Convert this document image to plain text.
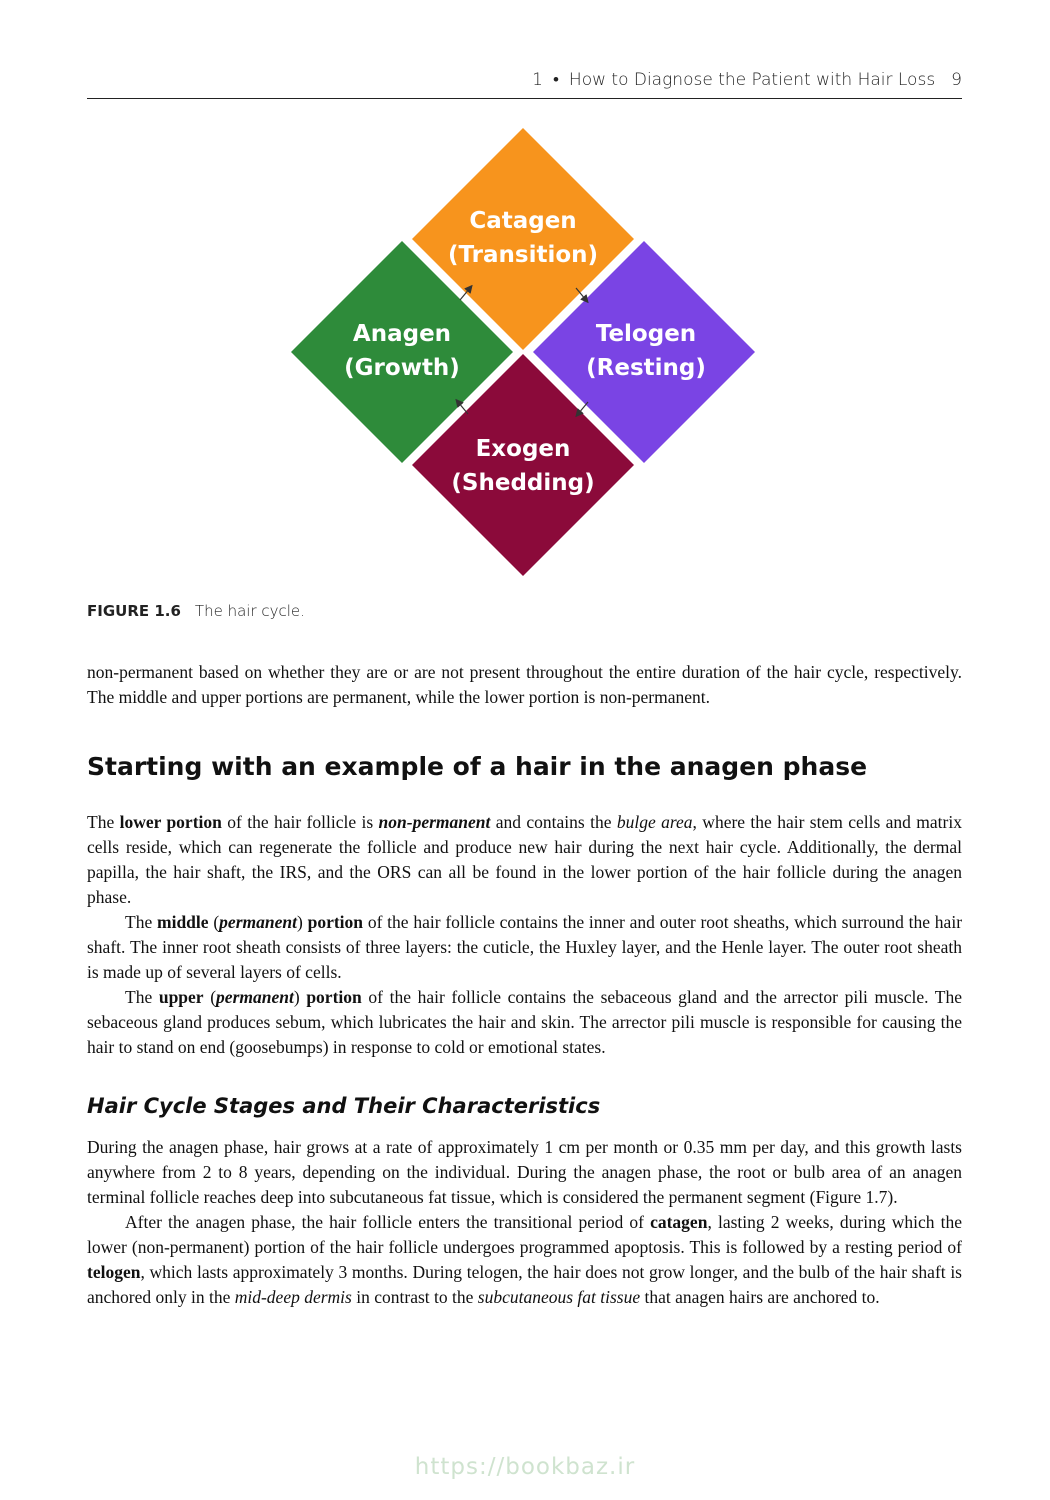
1 • How to Diagnose the Patient with Hair Loss 9
Catagen
(Transition)
Anagen
(Growth)
Telogen
(Resting)
Exogen
(Shedding)
FIGURE 1.6 The hair cycle.

non-permanent based on whether they are or are not present throughout the entire duration of the hair cycle, respectively. The middle and upper portions are permanent, while the lower portion is non-permanent.

Starting with an example of a hair in the anagen phase

The lower portion of the hair follicle is non-permanent and contains the bulge area, where the hair stem cells and matrix cells reside, which can regenerate the follicle and produce new hair during the next hair cycle. Additionally, the dermal papilla, the hair shaft, the IRS, and the ORS can all be found in the lower portion of the hair follicle during the anagen phase.

The middle (permanent) portion of the hair follicle contains the inner and outer root sheaths, which surround the hair shaft. The inner root sheath consists of three layers: the cuticle, the Huxley layer, and the Henle layer. The outer root sheath is made up of several layers of cells.

The upper (permanent) portion of the hair follicle contains the sebaceous gland and the arrector pili muscle. The sebaceous gland produces sebum, which lubricates the hair and skin. The arrector pili muscle is responsible for causing the hair to stand on end (goosebumps) in response to cold or emotional states.

Hair Cycle Stages and Their Characteristics

During the anagen phase, hair grows at a rate of approximately 1 cm per month or 0.35 mm per day, and this growth lasts anywhere from 2 to 8 years, depending on the individual. During the anagen phase, the root or bulb area of an anagen terminal follicle reaches deep into subcutaneous fat tissue, which is considered the permanent segment (Figure 1.7).

After the anagen phase, the hair follicle enters the transitional period of catagen, lasting 2 weeks, during which the lower (non-permanent) portion of the hair follicle undergoes programmed apoptosis. This is followed by a resting period of telogen, which lasts approximately 3 months. During telogen, the hair does not grow longer, and the bulb of the hair shaft is anchored only in the mid-deep dermis in contrast to the subcutaneous fat tissue that anagen hairs are anchored to.

https://bookbaz.ir
